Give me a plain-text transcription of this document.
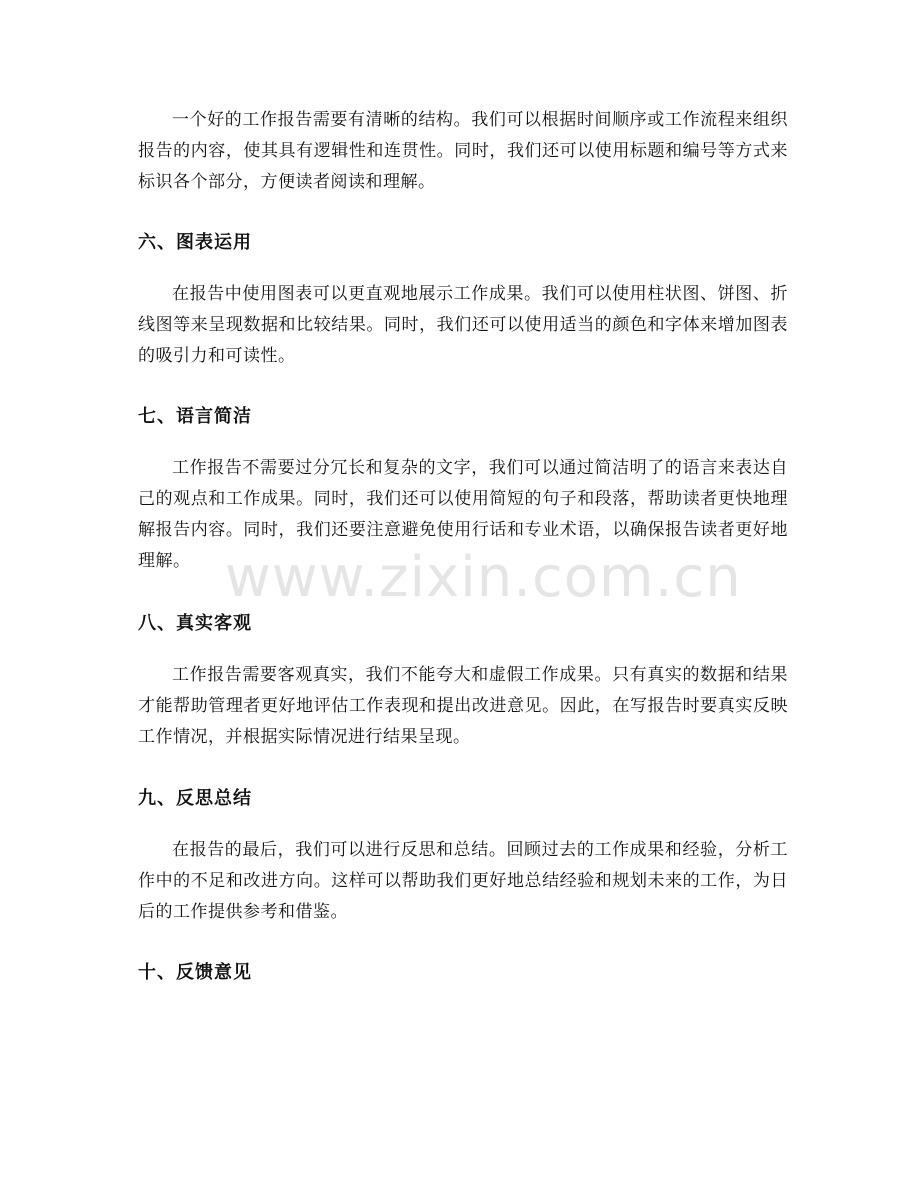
一个好的工作报告需要有清晰的结构。我们可以根据时间顺序或工作流程来组织报告的内容，使其具有逻辑性和连贯性。同时，我们还可以使用标题和编号等方式来标识各个部分，方便读者阅读和理解。

六、图表运用

在报告中使用图表可以更直观地展示工作成果。我们可以使用柱状图、饼图、折线图等来呈现数据和比较结果。同时，我们还可以使用适当的颜色和字体来增加图表的吸引力和可读性。

七、语言简洁

工作报告不需要过分冗长和复杂的文字，我们可以通过简洁明了的语言来表达自己的观点和工作成果。同时，我们还可以使用简短的句子和段落，帮助读者更快地理解报告内容。同时，我们还要注意避免使用行话和专业术语，以确保报告读者更好地理解。

八、真实客观

工作报告需要客观真实，我们不能夸大和虚假工作成果。只有真实的数据和结果才能帮助管理者更好地评估工作表现和提出改进意见。因此，在写报告时要真实反映工作情况，并根据实际情况进行结果呈现。

九、反思总结

在报告的最后，我们可以进行反思和总结。回顾过去的工作成果和经验，分析工作中的不足和改进方向。这样可以帮助我们更好地总结经验和规划未来的工作，为日后的工作提供参考和借鉴。

十、反馈意见
www.zixin.com.cn
